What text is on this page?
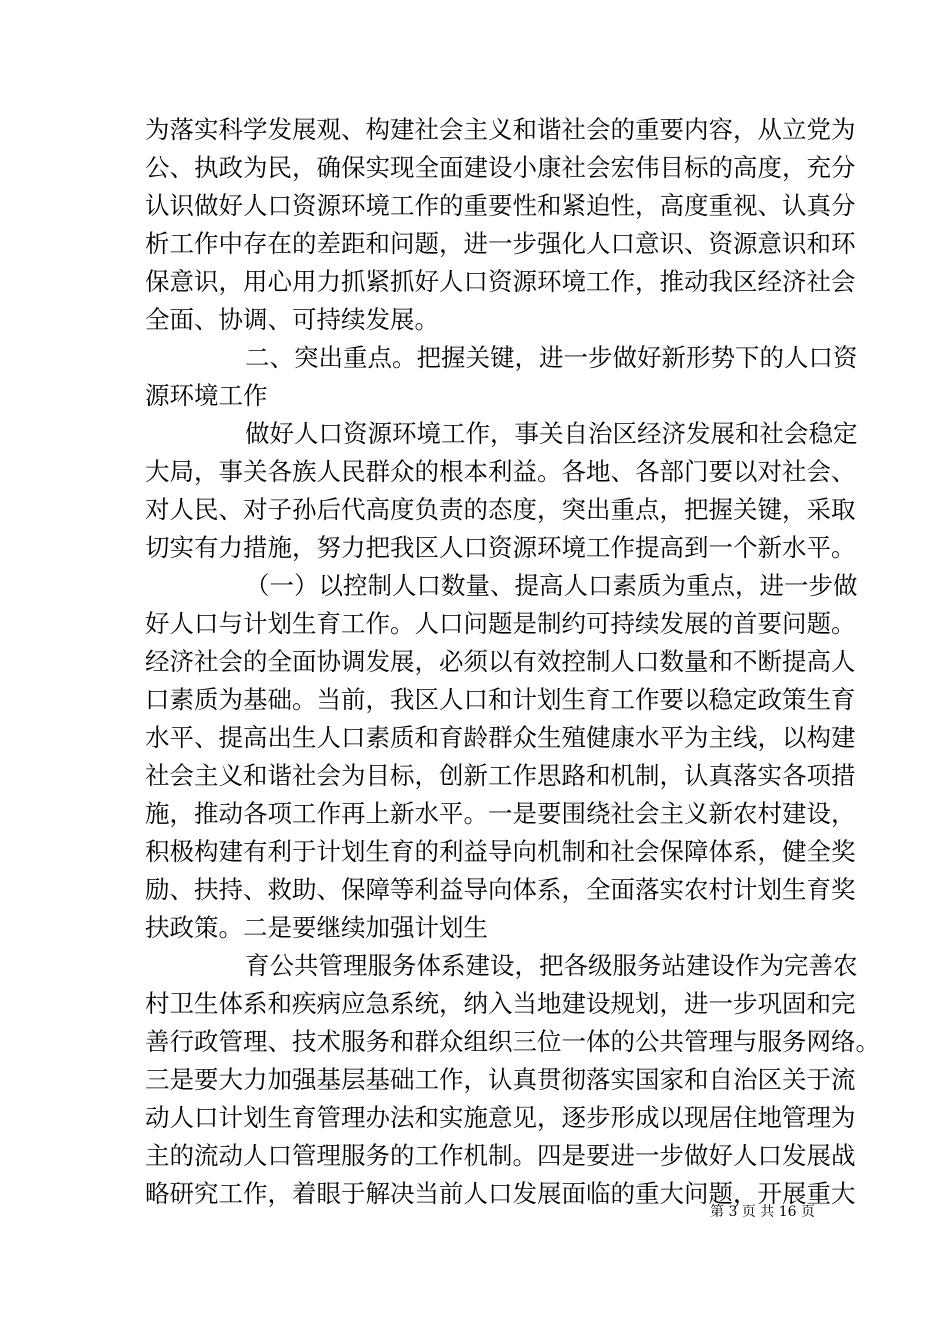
为落实科学发展观、构建社会主义和谐社会的重要内容，从立党为
公、执政为民，确保实现全面建设小康社会宏伟目标的高度，充分
认识做好人口资源环境工作的重要性和紧迫性，高度重视、认真分
析工作中存在的差距和问题，进一步强化人口意识、资源意识和环
保意识，用心用力抓紧抓好人口资源环境工作，推动我区经济社会
全面、协调、可持续发展。
二、突出重点。把握关键，进一步做好新形势下的人口资
源环境工作
做好人口资源环境工作，事关自治区经济发展和社会稳定
大局，事关各族人民群众的根本利益。各地、各部门要以对社会、
对人民、对子孙后代高度负责的态度，突出重点，把握关键，采取
切实有力措施，努力把我区人口资源环境工作提高到一个新水平。
（一）以控制人口数量、提高人口素质为重点，进一步做
好人口与计划生育工作。人口问题是制约可持续发展的首要问题。
经济社会的全面协调发展，必须以有效控制人口数量和不断提高人
口素质为基础。当前，我区人口和计划生育工作要以稳定政策生育
水平、提高出生人口素质和育龄群众生殖健康水平为主线，以构建
社会主义和谐社会为目标，创新工作思路和机制，认真落实各项措
施，推动各项工作再上新水平。一是要围绕社会主义新农村建设，
积极构建有利于计划生育的利益导向机制和社会保障体系，健全奖
励、扶持、救助、保障等利益导向体系，全面落实农村计划生育奖
扶政策。二是要继续加强计划生
育公共管理服务体系建设，把各级服务站建设作为完善农
村卫生体系和疾病应急系统，纳入当地建设规划，进一步巩固和完
善行政管理、技术服务和群众组织三位一体的公共管理与服务网络。
三是要大力加强基层基础工作，认真贯彻落实国家和自治区关于流
动人口计划生育管理办法和实施意见，逐步形成以现居住地管理为
主的流动人口管理服务的工作机制。四是要进一步做好人口发展战
略研究工作，着眼于解决当前人口发展面临的重大问题，开展重大
第 3 页 共 16 页
